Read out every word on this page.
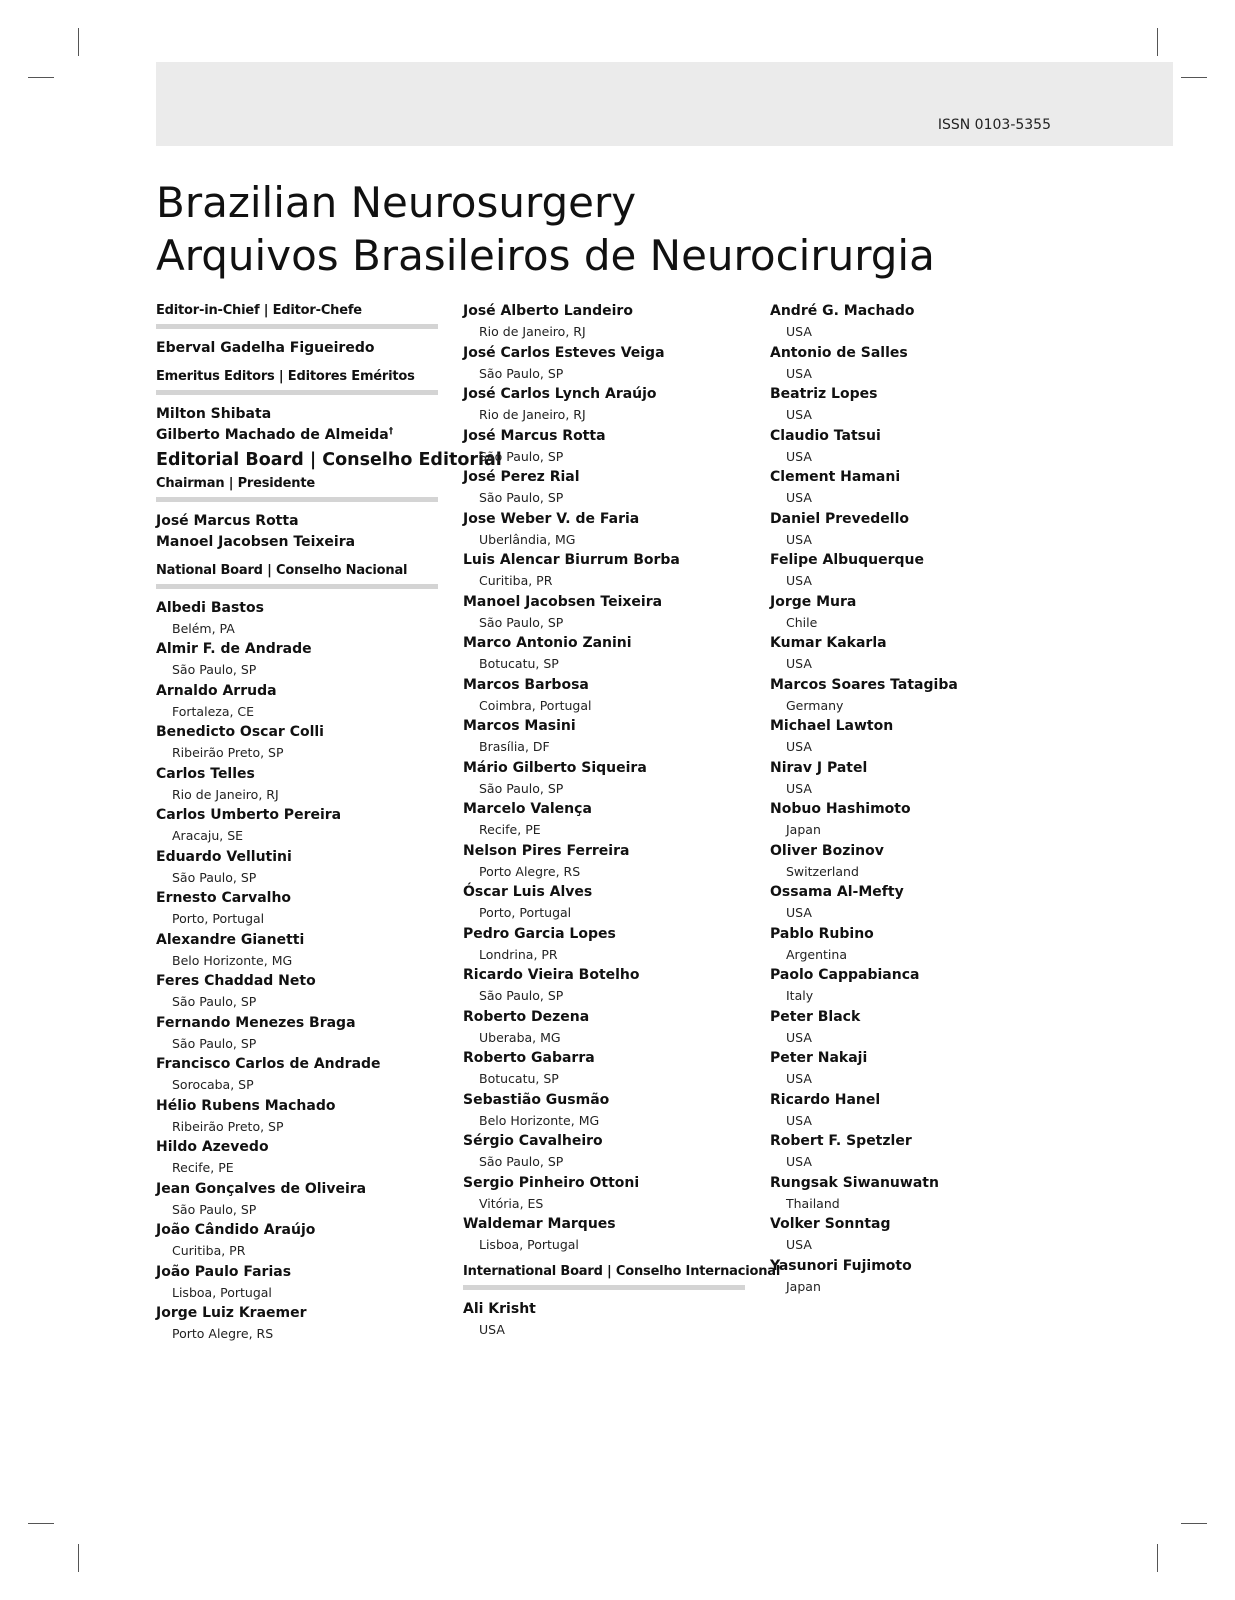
ISSN 0103-5355
Brazilian Neurosurgery
Arquivos Brasileiros de Neurocirurgia
Editor-in-Chief | Editor-Chefe
Eberval Gadelha Figueiredo
Emeritus Editors | Editores Eméritos
Milton Shibata
Gilberto Machado de Almeida†
Editorial Board | Conselho Editorial
Chairman | Presidente
José Marcus Rotta
Manoel Jacobsen Teixeira
National Board | Conselho Nacional
Albedi Bastos
Belém, PA
Almir F. de Andrade
São Paulo, SP
Arnaldo Arruda
Fortaleza, CE
Benedicto Oscar Colli
Ribeirão Preto, SP
Carlos Telles
Rio de Janeiro, RJ
Carlos Umberto Pereira
Aracaju, SE
Eduardo Vellutini
São Paulo, SP
Ernesto Carvalho
Porto, Portugal
Alexandre Gianetti
Belo Horizonte, MG
Feres Chaddad Neto
São Paulo, SP
Fernando Menezes Braga
São Paulo, SP
Francisco Carlos de Andrade
Sorocaba, SP
Hélio Rubens Machado
Ribeirão Preto, SP
Hildo Azevedo
Recife, PE
Jean Gonçalves de Oliveira
São Paulo, SP
João Cândido Araújo
Curitiba, PR
João Paulo Farias
Lisboa, Portugal
Jorge Luiz Kraemer
Porto Alegre, RS
José Alberto Landeiro
Rio de Janeiro, RJ
José Carlos Esteves Veiga
São Paulo, SP
José Carlos Lynch Araújo
Rio de Janeiro, RJ
José Marcus Rotta
São Paulo, SP
José Perez Rial
São Paulo, SP
Jose Weber V. de Faria
Uberlândia, MG
Luis Alencar Biurrum Borba
Curitiba, PR
Manoel Jacobsen Teixeira
São Paulo, SP
Marco Antonio Zanini
Botucatu, SP
Marcos Barbosa
Coimbra, Portugal
Marcos Masini
Brasília, DF
Mário Gilberto Siqueira
São Paulo, SP
Marcelo Valença
Recife, PE
Nelson Pires Ferreira
Porto Alegre, RS
Óscar Luis Alves
Porto, Portugal
Pedro Garcia Lopes
Londrina, PR
Ricardo Vieira Botelho
São Paulo, SP
Roberto Dezena
Uberaba, MG
Roberto Gabarra
Botucatu, SP
Sebastião Gusmão
Belo Horizonte, MG
Sérgio Cavalheiro
São Paulo, SP
Sergio Pinheiro Ottoni
Vitória, ES
Waldemar Marques
Lisboa, Portugal
International Board | Conselho Internacional
Ali Krisht
USA
André G. Machado
USA
Antonio de Salles
USA
Beatriz Lopes
USA
Claudio Tatsui
USA
Clement Hamani
USA
Daniel Prevedello
USA
Felipe Albuquerque
USA
Jorge Mura
Chile
Kumar Kakarla
USA
Marcos Soares Tatagiba
Germany
Michael Lawton
USA
Nirav J Patel
USA
Nobuo Hashimoto
Japan
Oliver Bozinov
Switzerland
Ossama Al-Mefty
USA
Pablo Rubino
Argentina
Paolo Cappabianca
Italy
Peter Black
USA
Peter Nakaji
USA
Ricardo Hanel
USA
Robert F. Spetzler
USA
Rungsak Siwanuwatn
Thailand
Volker Sonntag
USA
Yasunori Fujimoto
Japan
